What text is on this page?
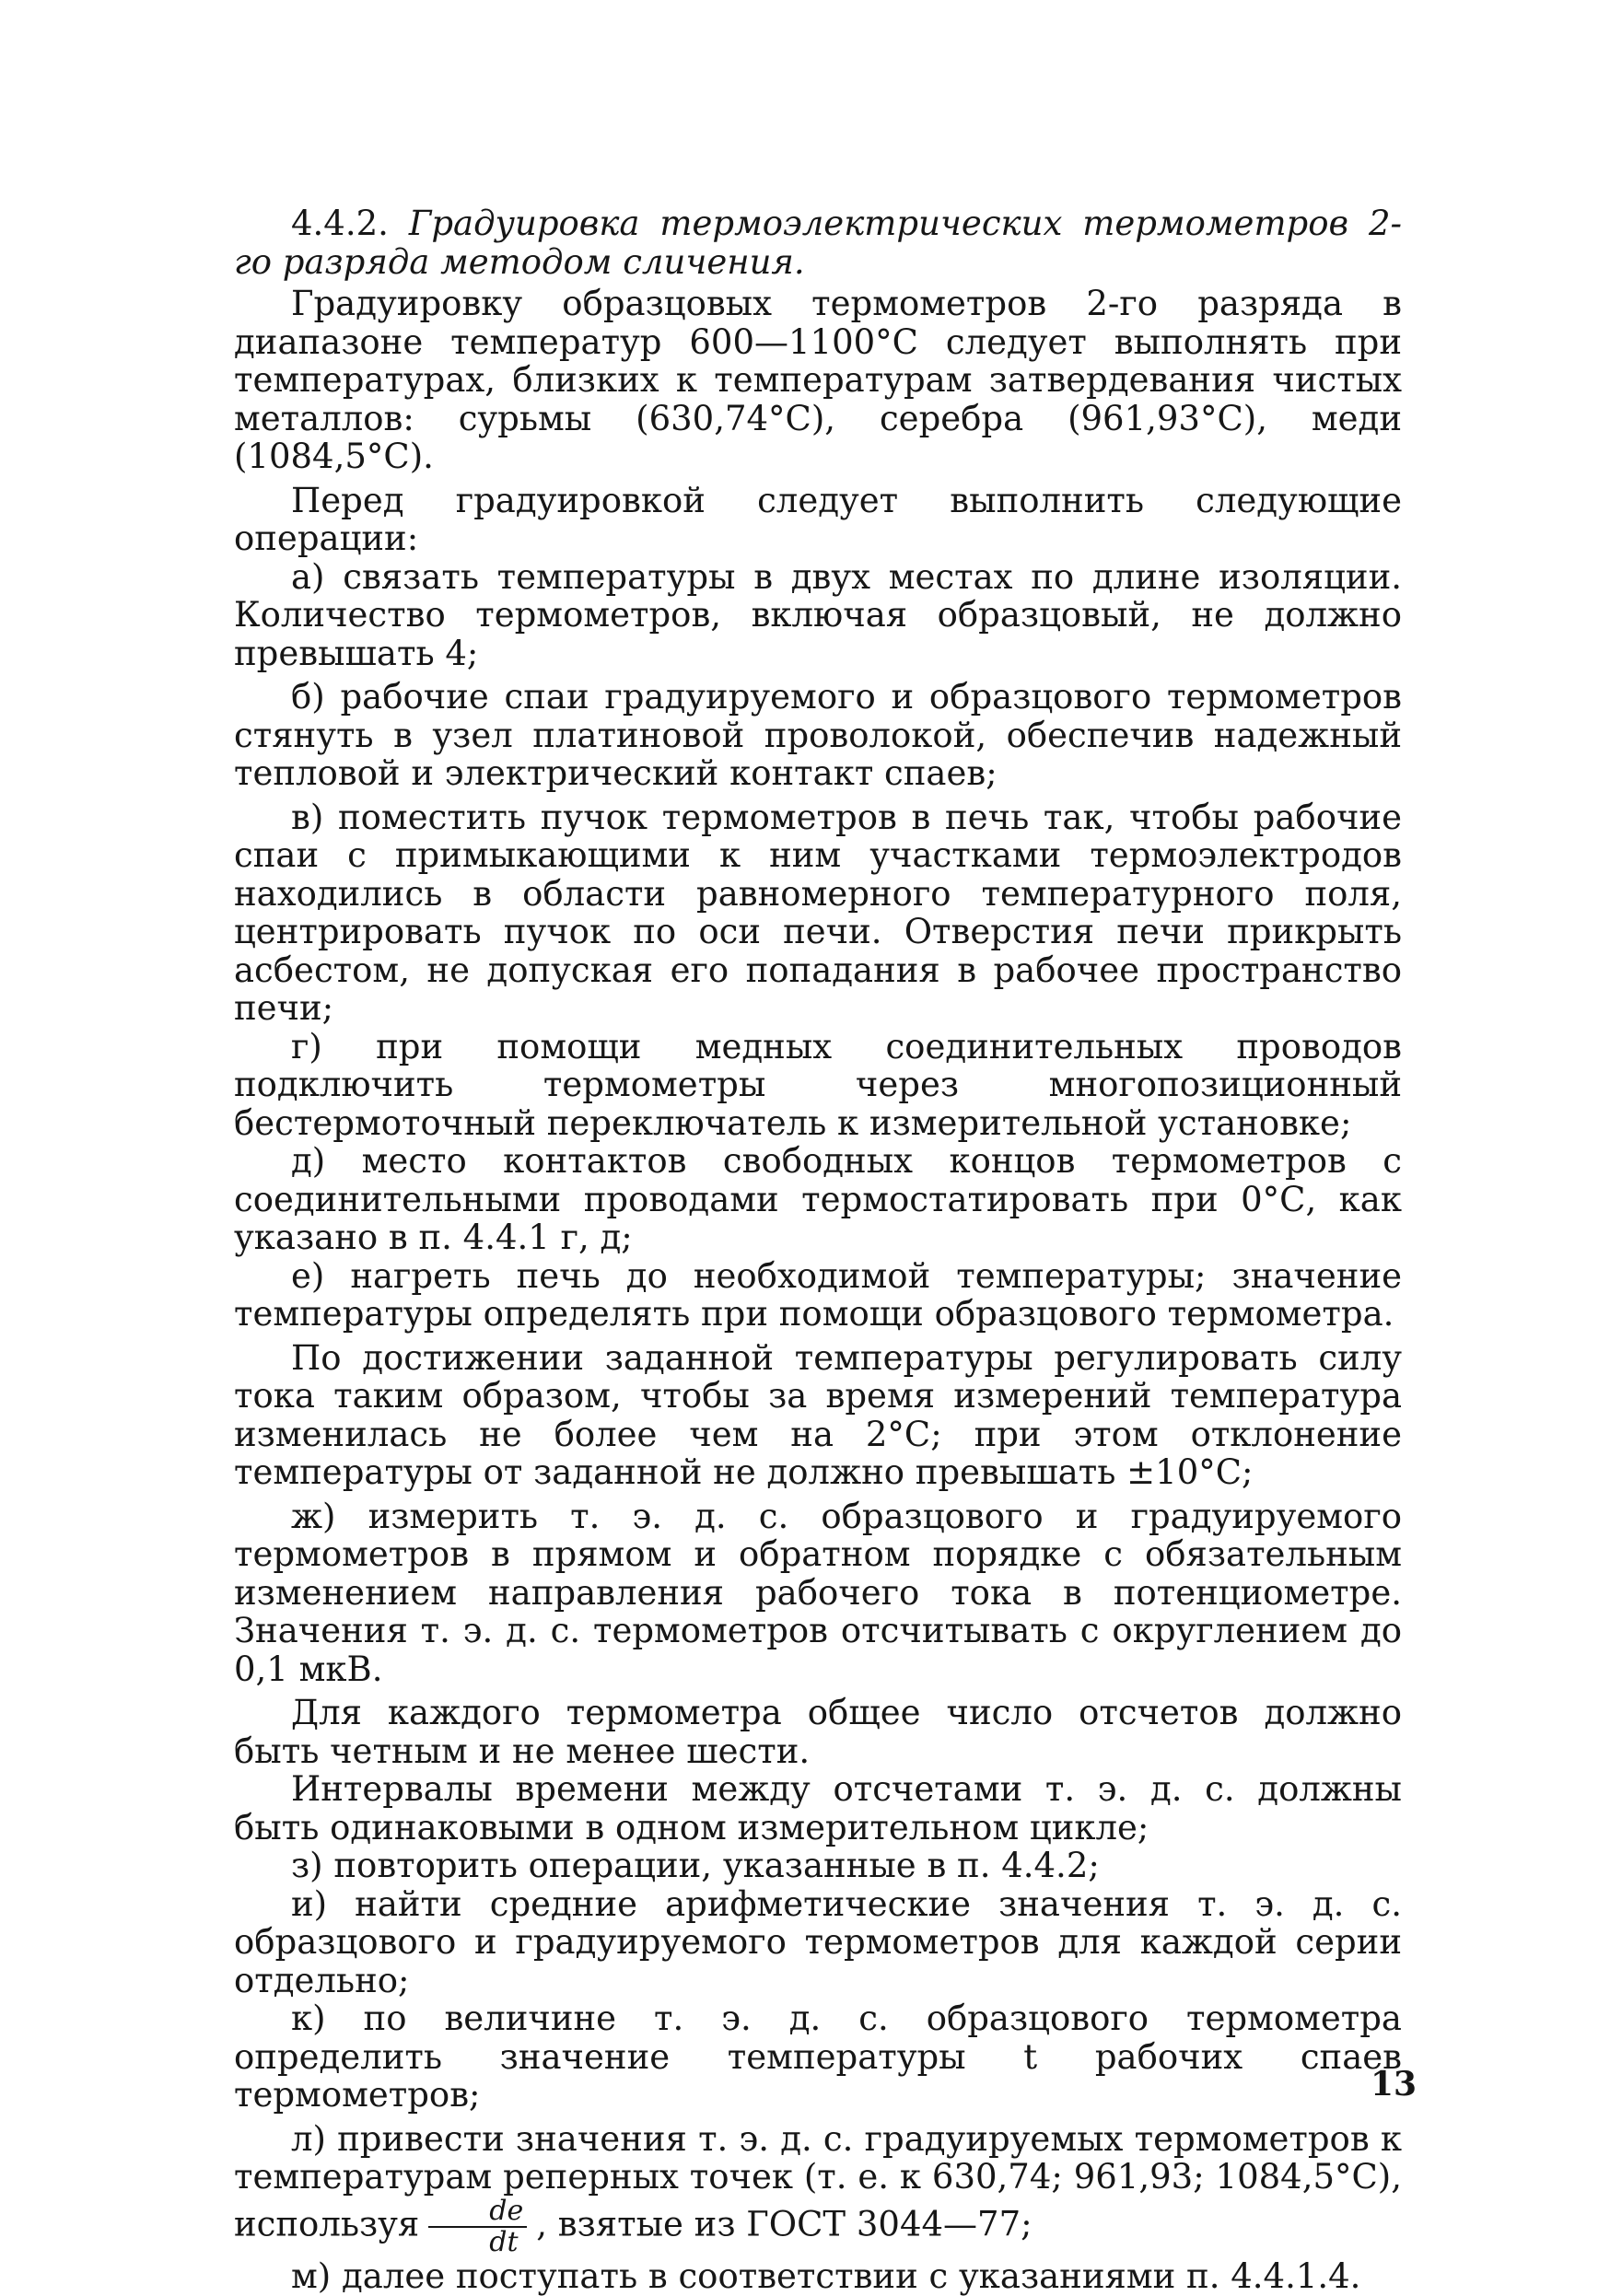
4.4.2. Градуировка термоэлектрических термометров 2-го разряда методом сличения.

Градуировку образцовых термометров 2-го разряда в диапазоне температур 600—1100°С следует выполнять при температурах, близких к температурам затвердевания чистых металлов: сурьмы (630,74°С), серебра (961,93°С), меди (1084,5°С).

Перед градуировкой следует выполнить следующие операции:

а) связать температуры в двух местах по длине изоляции. Количество термометров, включая образцовый, не должно превышать 4;

б) рабочие спаи градуируемого и образцового термометров стянуть в узел платиновой проволокой, обеспечив надежный тепловой и электрический контакт спаев;

в) поместить пучок термометров в печь так, чтобы рабочие спаи с примыкающими к ним участками термоэлектродов находились в области равномерного температурного поля, центрировать пучок по оси печи. Отверстия печи прикрыть асбестом, не допуская его попадания в рабочее пространство печи;

г) при помощи медных соединительных проводов подключить термометры через многопозиционный бестермоточный переключатель к измерительной установке;

д) место контактов свободных концов термометров с соединительными проводами термостатировать при 0°С, как указано в п. 4.4.1 г, д;

е) нагреть печь до необходимой температуры; значение температуры определять при помощи образцового термометра.

По достижении заданной температуры регулировать силу тока таким образом, чтобы за время измерений температура изменилась не более чем на 2°С; при этом отклонение температуры от заданной не должно превышать ±10°С;

ж) измерить т. э. д. с. образцового и градуируемого термометров в прямом и обратном порядке с обязательным изменением направления рабочего тока в потенциометре. Значения т. э. д. с. термометров отсчитывать с округлением до 0,1 мкВ.

Для каждого термометра общее число отсчетов должно быть четным и не менее шести.

Интервалы времени между отсчетами т. э. д. с. должны быть одинаковыми в одном измерительном цикле;

з) повторить операции, указанные в п. 4.4.2;

и) найти средние арифметические значения т. э. д. с. образцового и градуируемого термометров для каждой серии отдельно;

к) по величине т. э. д. с. образцового термометра определить значение температуры t рабочих спаев термометров;

л) привести значения т. э. д. с. градуируемых термометров к температурам реперных точек (т. е. к 630,74; 961,93; 1084,5°С), используя $\frac{de}{dt}$ , взятые из ГОСТ 3044—77;

м) далее поступать в соответствии с указаниями п. 4.4.1.4.

13
